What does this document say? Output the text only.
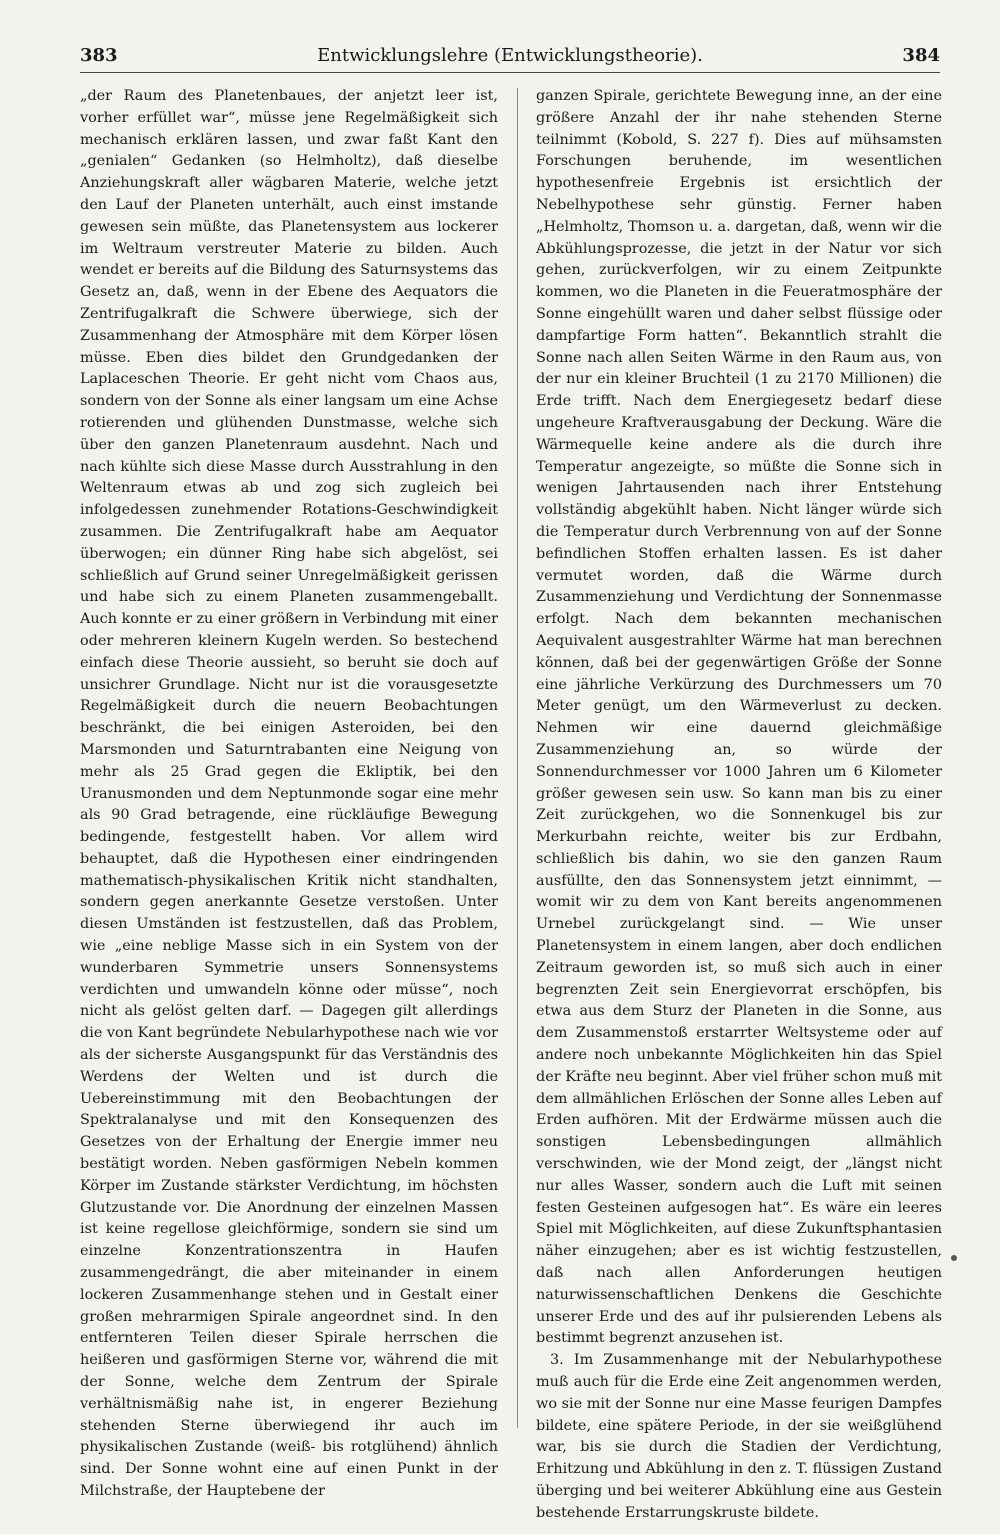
383	Entwicklungslehre (Entwicklungstheorie).	384

„der Raum des Planetenbaues, der anjetzt leer ist, vorher erfüllet war“, müsse jene Regelmäßigkeit sich mechanisch erklären lassen, und zwar faßt Kant den „genialen“ Gedanken (so Helmholtz), daß dieselbe Anziehungskraft aller wägbaren Materie, welche jetzt den Lauf der Planeten unterhält, auch einst imstande gewesen sein müßte, das Planetensystem aus lockerer im Weltraum verstreuter Materie zu bilden. Auch wendet er bereits auf die Bildung des Saturnsystems das Gesetz an, daß, wenn in der Ebene des Aequators die Zentrifugalkraft die Schwere überwiege, sich der Zusammenhang der Atmosphäre mit dem Körper lösen müsse. Eben dies bildet den Grundgedanken der Laplaceschen Theorie. Er geht nicht vom Chaos aus, sondern von der Sonne als einer langsam um eine Achse rotierenden und glühenden Dunstmasse, welche sich über den ganzen Planetenraum ausdehnt. Nach und nach kühlte sich diese Masse durch Ausstrahlung in den Weltenraum etwas ab und zog sich zugleich bei infolgedessen zunehmender Rotations-Geschwindigkeit zusammen. Die Zentrifugalkraft habe am Aequator überwogen; ein dünner Ring habe sich abgelöst, sei schließlich auf Grund seiner Unregelmäßigkeit gerissen und habe sich zu einem Planeten zusammengeballt. Auch konnte er zu einer größern in Verbindung mit einer oder mehreren kleinern Kugeln werden. So bestechend einfach diese Theorie aussieht, so beruht sie doch auf unsichrer Grundlage. Nicht nur ist die vorausgesetzte Regelmäßigkeit durch die neuern Beobachtungen beschränkt, die bei einigen Asteroiden, bei den Marsmonden und Saturntrabanten eine Neigung von mehr als 25 Grad gegen die Ekliptik, bei den Uranusmonden und dem Neptunmonde sogar eine mehr als 90 Grad betragende, eine rückläufige Bewegung bedingende, festgestellt haben. Vor allem wird behauptet, daß die Hypothesen einer eindringenden mathematisch-physikalischen Kritik nicht standhalten, sondern gegen anerkannte Gesetze verstoßen. Unter diesen Umständen ist festzustellen, daß das Problem, wie „eine neblige Masse sich in ein System von der wunderbaren Symmetrie unsers Sonnensystems verdichten und umwandeln könne oder müsse“, noch nicht als gelöst gelten darf. — Dagegen gilt allerdings die von Kant begründete Nebularhypothese nach wie vor als der sicherste Ausgangspunkt für das Verständnis des Werdens der Welten und ist durch die Uebereinstimmung mit den Beobachtungen der Spektralanalyse und mit den Konsequenzen des Gesetzes von der Erhaltung der Energie immer neu bestätigt worden. Neben gasförmigen Nebeln kommen Körper im Zustande stärkster Verdichtung, im höchsten Glutzustande vor. Die Anordnung der einzelnen Massen ist keine regellose gleichförmige, sondern sie sind um einzelne Konzentrationszentra in Haufen zusammengedrängt, die aber miteinander in einem lockeren Zusammenhange stehen und in Gestalt einer großen mehrarmigen Spirale angeordnet sind. In den entfernteren Teilen dieser Spirale herrschen die heißeren und gasförmigen Sterne vor, während die mit der Sonne, welche dem Zentrum der Spirale verhältnismäßig nahe ist, in engerer Beziehung stehenden Sterne überwiegend ihr auch im physikalischen Zustande (weiß- bis rotglühend) ähnlich sind. Der Sonne wohnt eine auf einen Punkt in der Milchstraße, der Hauptebene der

ganzen Spirale, gerichtete Bewegung inne, an der eine größere Anzahl der ihr nahe stehenden Sterne teilnimmt (Kobold, S. 227 f). Dies auf mühsamsten Forschungen beruhende, im wesentlichen hypothesenfreie Ergebnis ist ersichtlich der Nebelhypothese sehr günstig. Ferner haben „Helmholtz, Thomson u. a. dargetan, daß, wenn wir die Abkühlungsprozesse, die jetzt in der Natur vor sich gehen, zurückverfolgen, wir zu einem Zeitpunkte kommen, wo die Planeten in die Feueratmosphäre der Sonne eingehüllt waren und daher selbst flüssige oder dampfartige Form hatten“. Bekanntlich strahlt die Sonne nach allen Seiten Wärme in den Raum aus, von der nur ein kleiner Bruchteil (1 zu 2170 Millionen) die Erde trifft. Nach dem Energiegesetz bedarf diese ungeheure Kraftverausgabung der Deckung. Wäre die Wärmequelle keine andere als die durch ihre Temperatur angezeigte, so müßte die Sonne sich in wenigen Jahrtausenden nach ihrer Entstehung vollständig abgekühlt haben. Nicht länger würde sich die Temperatur durch Verbrennung von auf der Sonne befindlichen Stoffen erhalten lassen. Es ist daher vermutet worden, daß die Wärme durch Zusammenziehung und Verdichtung der Sonnenmasse erfolgt. Nach dem bekannten mechanischen Aequivalent ausgestrahlter Wärme hat man berechnen können, daß bei der gegenwärtigen Größe der Sonne eine jährliche Verkürzung des Durchmessers um 70 Meter genügt, um den Wärmeverlust zu decken. Nehmen wir eine dauernd gleichmäßige Zusammenziehung an, so würde der Sonnendurchmesser vor 1000 Jahren um 6 Kilometer größer gewesen sein usw. So kann man bis zu einer Zeit zurückgehen, wo die Sonnenkugel bis zur Merkurbahn reichte, weiter bis zur Erdbahn, schließlich bis dahin, wo sie den ganzen Raum ausfüllte, den das Sonnensystem jetzt einnimmt, — womit wir zu dem von Kant bereits angenommenen Urnebel zurückgelangt sind. — Wie unser Planetensystem in einem langen, aber doch endlichen Zeitraum geworden ist, so muß sich auch in einer begrenzten Zeit sein Energievorrat erschöpfen, bis etwa aus dem Sturz der Planeten in die Sonne, aus dem Zusammenstoß erstarrter Weltsysteme oder auf andere noch unbekannte Möglichkeiten hin das Spiel der Kräfte neu beginnt. Aber viel früher schon muß mit dem allmählichen Erlöschen der Sonne alles Leben auf Erden aufhören. Mit der Erdwärme müssen auch die sonstigen Lebensbedingungen allmählich verschwinden, wie der Mond zeigt, der „längst nicht nur alles Wasser, sondern auch die Luft mit seinen festen Gesteinen aufgesogen hat“. Es wäre ein leeres Spiel mit Möglichkeiten, auf diese Zukunftsphantasien näher einzugehen; aber es ist wichtig festzustellen, daß nach allen Anforderungen heutigen naturwissenschaftlichen Denkens die Geschichte unserer Erde und des auf ihr pulsierenden Lebens als bestimmt begrenzt anzusehen ist.

3. Im Zusammenhange mit der Nebularhypothese muß auch für die Erde eine Zeit angenommen werden, wo sie mit der Sonne nur eine Masse feurigen Dampfes bildete, eine spätere Periode, in der sie weißglühend war, bis sie durch die Stadien der Verdichtung, Erhitzung und Abkühlung in den z. T. flüssigen Zustand überging und bei weiterer Abkühlung eine aus Gestein bestehende Erstarrungskruste bildete.
